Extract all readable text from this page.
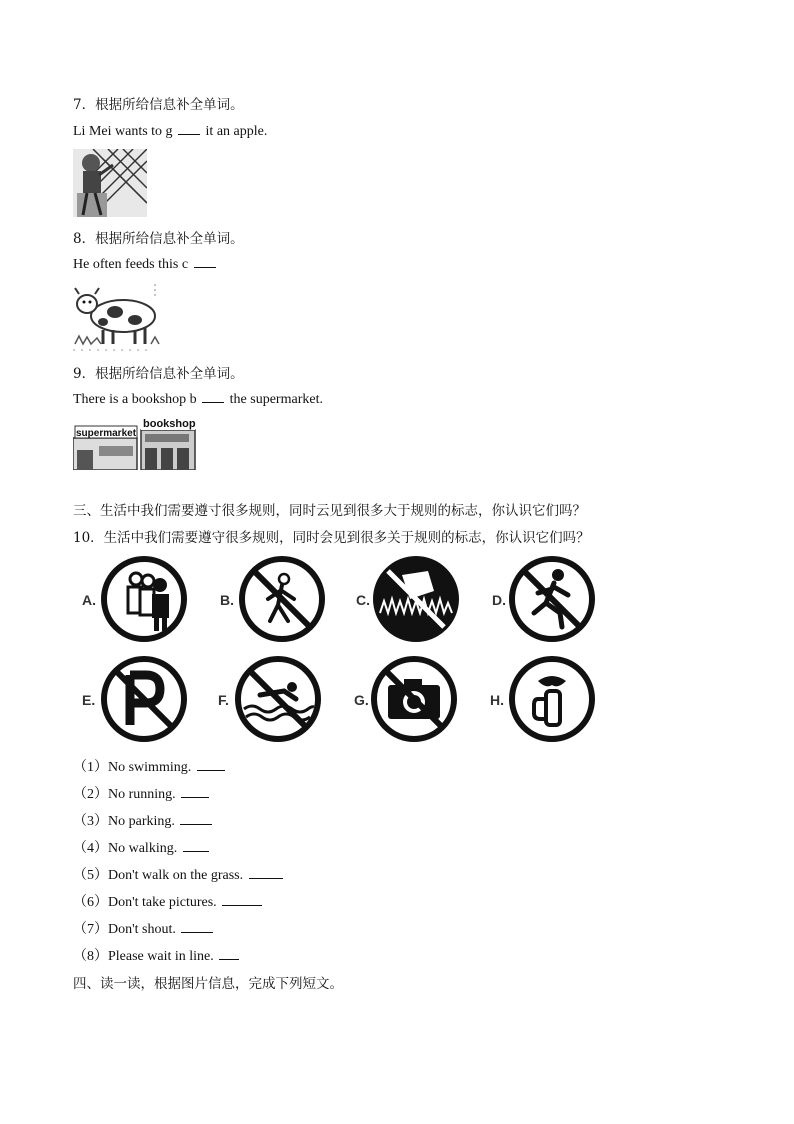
7．根据所给信息补全单词。
Li Mei wants to g it an apple.
8．根据所给信息补全单词。
He often feeds this c
9．根据所给信息补全单词。
There is a bookshop b the supermarket.
supermarket
bookshop
三、生活中我们需要遵寸很多规则，同时云见到很多大于规则的标志，你认识它们吗？
10．生活中我们需要遵守很多规则，同时会见到很多关于规则的标志，你认识它们吗？
A.	B.	C.	D.
E.	F.	G.	H.
（1）No swimming.
（2）No running.
（3）No parking.
（4）No walking.
（5）Don't walk on the grass.
（6）Don't take pictures.
（7）Don't shout.
（8）Please wait in line.
四、读一读，根据图片信息，完成下列短文。
